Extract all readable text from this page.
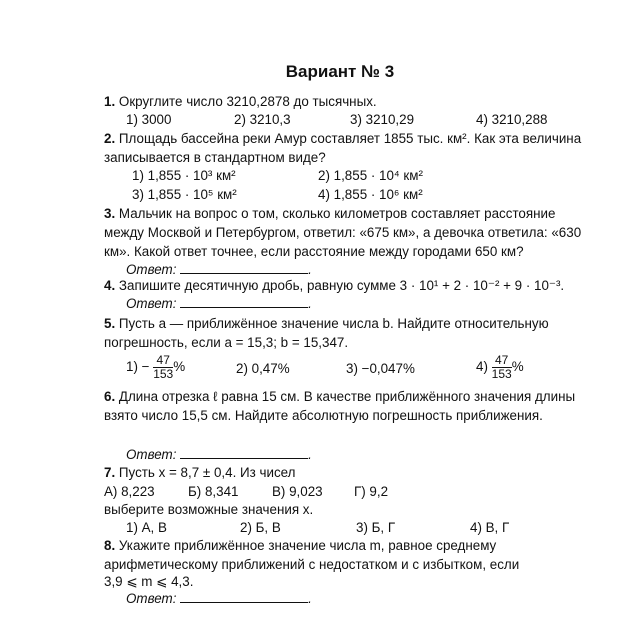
Вариант № 3
1. Округлите число 3210,2878 до тысячных.
1) 3000	2) 3210,3	3) 3210,29	4) 3210,288
2. Площадь бассейна реки Амур составляет 1855 тыс. км². Как эта величина записывается в стандартном виде?
1) 1,855 · 10³ км²	2) 1,855 · 10⁴ км²
3) 1,855 · 10⁵ км²	4) 1,855 · 10⁶ км²
3. Мальчик на вопрос о том, сколько километров составляет расстояние между Москвой и Петербургом, ответил: «675 км», а девочка ответила: «630 км». Какой ответ точнее, если расстояние между городами 650 км?
Ответ:	.
4. Запишите десятичную дробь, равную сумме 3 · 10¹ + 2 · 10⁻² + 9 · 10⁻³.
Ответ:	.
5. Пусть a — приближённое значение числа b. Найдите относительную погрешность, если a = 15,3; b = 15,347.
$1) - \frac{47}{153}$ %	2) 0,47%	3) −0,047%	$4) \frac{47}{153}$ %
6. Длина отрезка ℓ равна 15 см. В качестве приближённого значения длины взято число 15,5 см. Найдите абсолютную погрешность приближения.
Ответ:	.
7. Пусть x = 8,7 ± 0,4. Из чисел
А) 8,223 Б) 8,341	В) 9,023 Г) 9,2
выберите возможные значения x.
1) А, В	2) Б, В	3) Б, Г	4) В, Г
8. Укажите приближённое значение числа m, равное среднему арифметическому приближений с недостатком и с избытком, если
3,9 ⩽ m ⩽ 4,3.
Ответ:	.
